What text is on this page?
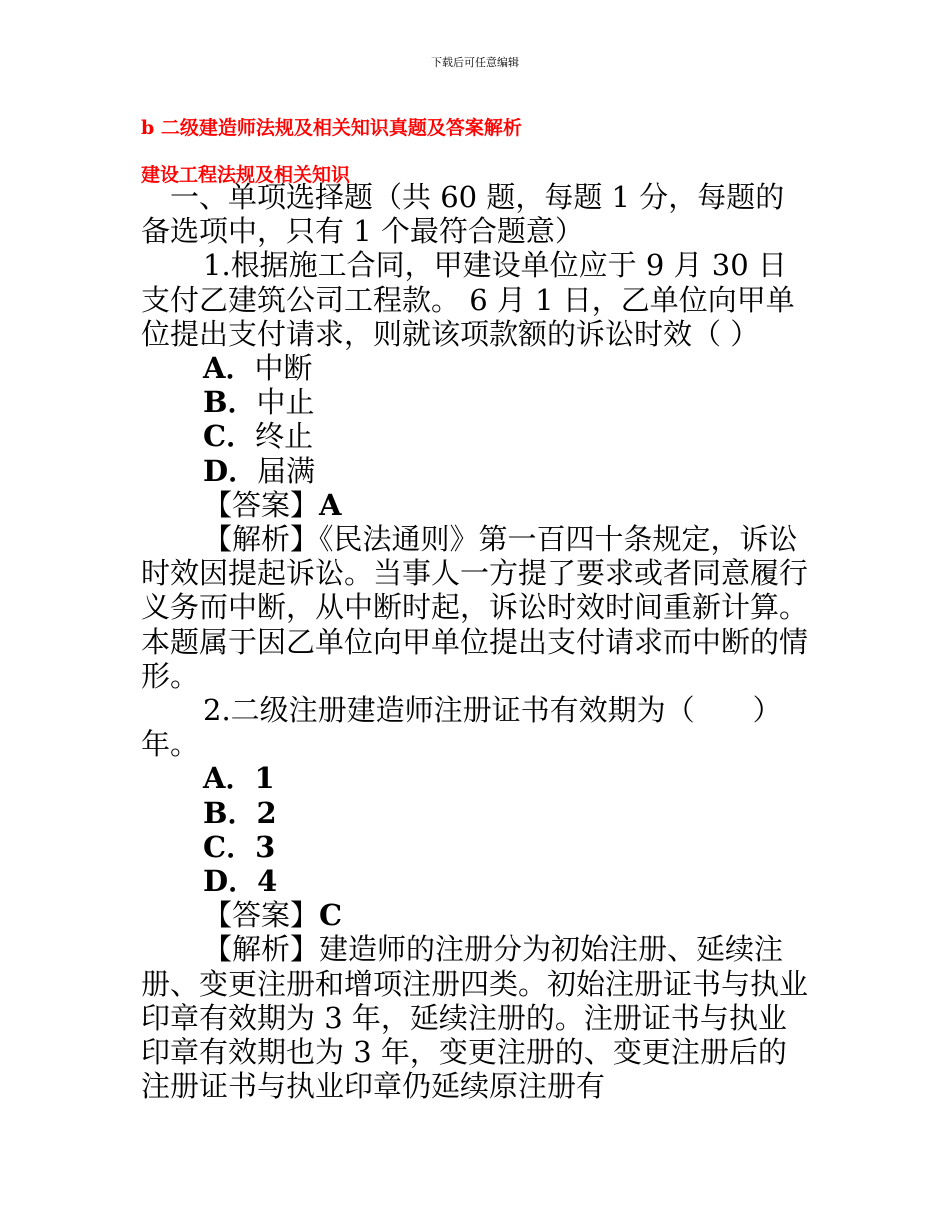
下载后可任意编辑
b 二级建造师法规及相关知识真题及答案解析
建设工程法规及相关知识

一、单项选择题（共 60 题，每题 1 分，每题的备选项中，只有 1 个最符合题意）

1.根据施工合同，甲建设单位应于 9 月 30 日支付乙建筑公司工程款。 6 月 1 日，乙单位向甲单位提出支付请求，则就该项款额的诉讼时效（ ）

A．中断

B．中止

C．终止

D．届满

【答案】A

【解析】《民法通则》第一百四十条规定，诉讼时效因提起诉讼。当事人一方提了要求或者同意履行义务而中断，从中断时起，诉讼时效时间重新计算。本题属于因乙单位向甲单位提出支付请求而中断的情形。

2.二级注册建造师注册证书有效期为（　　）年。

A．1

B．2

C．3

D．4

【答案】C

【解析】建造师的注册分为初始注册、延续注册、变更注册和增项注册四类。初始注册证书与执业印章有效期为 3 年，延续注册的。注册证书与执业印章有效期也为 3 年，变更注册的、变更注册后的注册证书与执业印章仍延续原注册有
